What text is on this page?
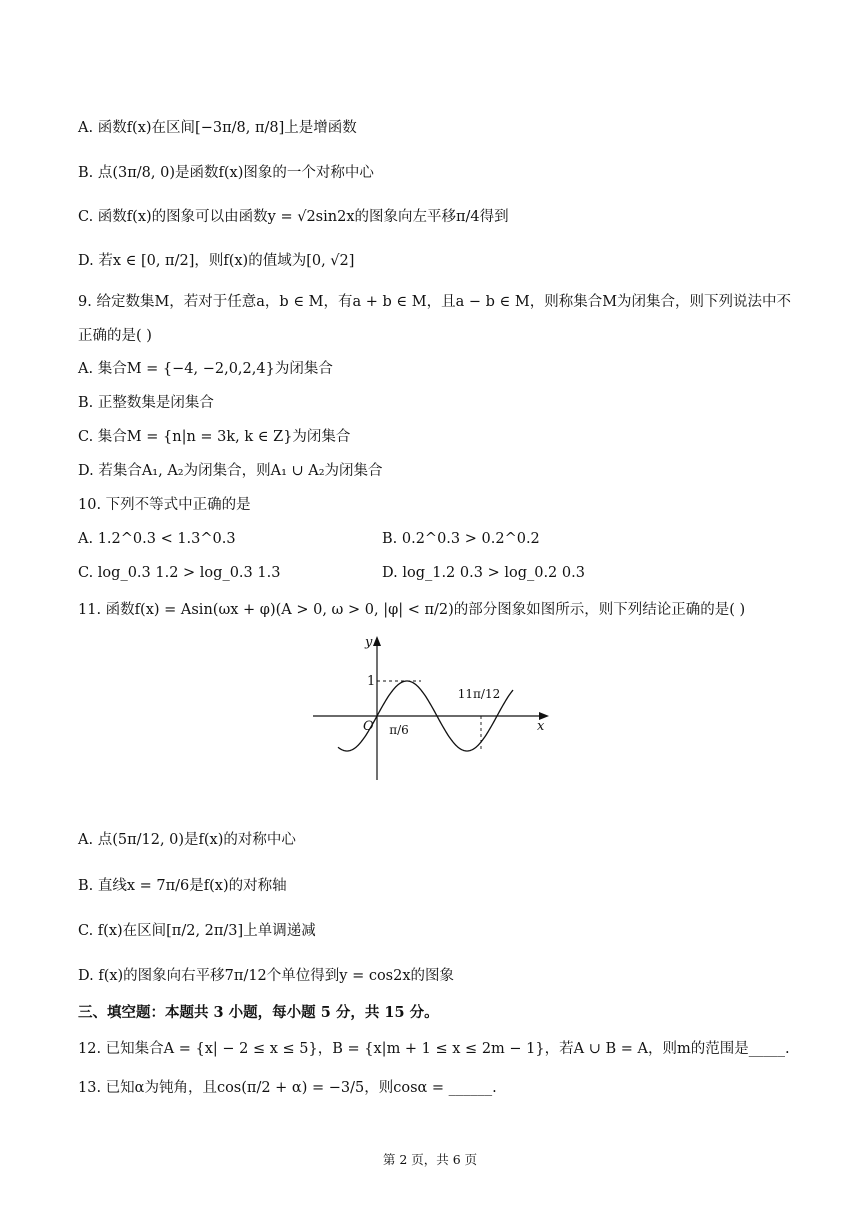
A. 函数f(x)在区间[−3π/8, π/8]上是增函数
B. 点(3π/8, 0)是函数f(x)图象的一个对称中心
C. 函数f(x)的图象可以由函数y = √2sin2x的图象向左平移π/4得到
D. 若x ∈ [0, π/2]，则f(x)的值域为[0, √2]
9. 给定数集M，若对于任意a，b ∈ M，有a + b ∈ M，且a − b ∈ M，则称集合M为闭集合，则下列说法中不
正确的是( )
A. 集合M = {−4, −2,0,2,4}为闭集合
B. 正整数集是闭集合
C. 集合M = {n|n = 3k, k ∈ Z}为闭集合
D. 若集合A₁, A₂为闭集合，则A₁ ∪ A₂为闭集合
10. 下列不等式中正确的是
A. 1.2^0.3 < 1.3^0.3	B. 0.2^0.3 > 0.2^0.2
C. log_0.3 1.2 > log_0.3 1.3	D. log_1.2 0.3 > log_0.2 0.3
11. 函数f(x) = Asin(ωx + φ)(A > 0, ω > 0, |φ| < π/2)的部分图象如图所示，则下列结论正确的是( )
y
x
O
1
π/6
11π/12
A. 点(5π/12, 0)是f(x)的对称中心
B. 直线x = 7π/6是f(x)的对称轴
C. f(x)在区间[π/2, 2π/3]上单调递减
D. f(x)的图象向右平移7π/12个单位得到y = cos2x的图象
三、填空题：本题共 3 小题，每小题 5 分，共 15 分。
12. 已知集合A = {x| − 2 ≤ x ≤ 5}，B = {x|m + 1 ≤ x ≤ 2m − 1}，若A ∪ B = A，则m的范围是_____.
13. 已知α为钝角，且cos(π/2 + α) = −3/5，则cosα = ______.
第 2 页，共 6 页
